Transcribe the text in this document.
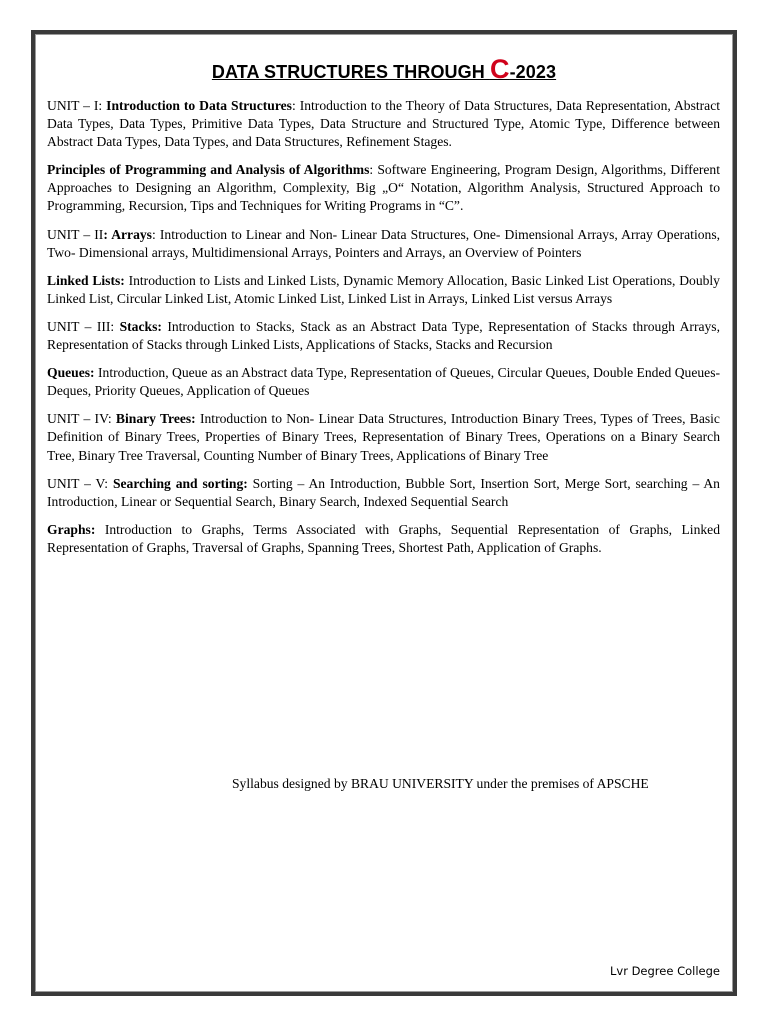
DATA STRUCTURES THROUGH C-2023

UNIT – I: Introduction to Data Structures: Introduction to the Theory of Data Structures, Data Representation, Abstract Data Types, Data Types, Primitive Data Types, Data Structure and Structured Type, Atomic Type, Difference between Abstract Data Types, Data Types, and Data Structures, Refinement Stages.

Principles of Programming and Analysis of Algorithms: Software Engineering, Program Design, Algorithms, Different Approaches to Designing an Algorithm, Complexity, Big „O“ Notation, Algorithm Analysis, Structured Approach to Programming, Recursion, Tips and Techniques for Writing Programs in “C”.

UNIT – II: Arrays: Introduction to Linear and Non- Linear Data Structures, One- Dimensional Arrays, Array Operations, Two- Dimensional arrays, Multidimensional Arrays, Pointers and Arrays, an Overview of Pointers

Linked Lists: Introduction to Lists and Linked Lists, Dynamic Memory Allocation, Basic Linked List Operations, Doubly Linked List, Circular Linked List, Atomic Linked List, Linked List in Arrays, Linked List versus Arrays

UNIT – III: Stacks: Introduction to Stacks, Stack as an Abstract Data Type, Representation of Stacks through Arrays, Representation of Stacks through Linked Lists, Applications of Stacks, Stacks and Recursion

Queues: Introduction, Queue as an Abstract data Type, Representation of Queues, Circular Queues, Double Ended Queues- Deques, Priority Queues, Application of Queues

UNIT – IV: Binary Trees: Introduction to Non- Linear Data Structures, Introduction Binary Trees, Types of Trees, Basic Definition of Binary Trees, Properties of Binary Trees, Representation of Binary Trees, Operations on a Binary Search Tree, Binary Tree Traversal, Counting Number of Binary Trees, Applications of Binary Tree

UNIT – V: Searching and sorting: Sorting – An Introduction, Bubble Sort, Insertion Sort, Merge Sort, searching – An Introduction, Linear or Sequential Search, Binary Search, Indexed Sequential Search

Graphs: Introduction to Graphs, Terms Associated with Graphs, Sequential Representation of Graphs, Linked Representation of Graphs, Traversal of Graphs, Spanning Trees, Shortest Path, Application of Graphs.

Syllabus designed by BRAU UNIVERSITY under the premises of APSCHE
Lvr Degree College
